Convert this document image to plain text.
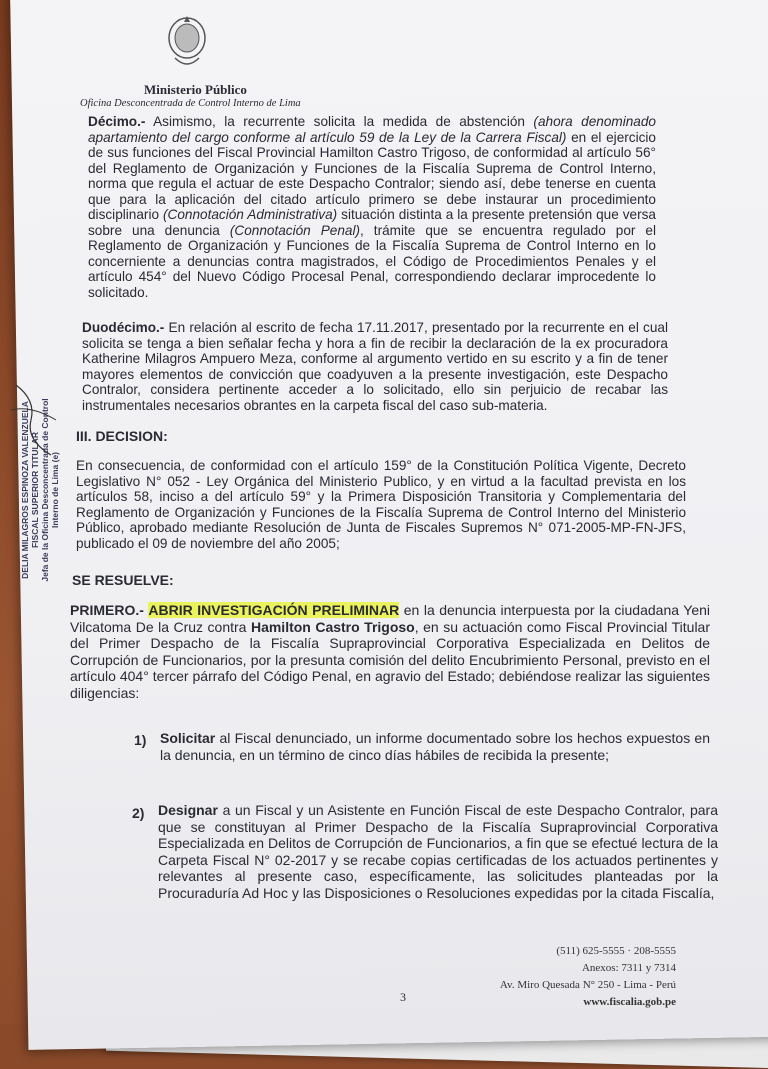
Ministerio Público
Oficina Desconcentrada de Control Interno de Lima
Décimo.- Asimismo, la recurrente solicita la medida de abstención (ahora denominado apartamiento del cargo conforme al artículo 59 de la Ley de la Carrera Fiscal) en el ejercicio de sus funciones del Fiscal Provincial Hamilton Castro Trigoso, de conformidad al artículo 56° del Reglamento de Organización y Funciones de la Fiscalía Suprema de Control Interno, norma que regula el actuar de este Despacho Contralor; siendo así, debe tenerse en cuenta que para la aplicación del citado artículo primero se debe instaurar un procedimiento disciplinario (Connotación Administrativa) situación distinta a la presente pretensión que versa sobre una denuncia (Connotación Penal), trámite que se encuentra regulado por el Reglamento de Organización y Funciones de la Fiscalía Suprema de Control Interno en lo concerniente a denuncias contra magistrados, el Código de Procedimientos Penales y el artículo 454° del Nuevo Código Procesal Penal, correspondiendo declarar improcedente lo solicitado.
Duodécimo.- En relación al escrito de fecha 17.11.2017, presentado por la recurrente en el cual solicita se tenga a bien señalar fecha y hora a fin de recibir la declaración de la ex procuradora Katherine Milagros Ampuero Meza, conforme al argumento vertido en su escrito y a fin de tener mayores elementos de convicción que coadyuven a la presente investigación, este Despacho Contralor, considera pertinente acceder a lo solicitado, ello sin perjuicio de recabar las instrumentales necesarios obrantes en la carpeta fiscal del caso sub-materia.
III. DECISION:
En consecuencia, de conformidad con el artículo 159° de la Constitución Política Vigente, Decreto Legislativo N° 052 - Ley Orgánica del Ministerio Publico, y en virtud a la facultad prevista en los artículos 58, inciso a del artículo 59° y la Primera Disposición Transitoria y Complementaria del Reglamento de Organización y Funciones de la Fiscalía Suprema de Control Interno del Ministerio Público, aprobado mediante Resolución de Junta de Fiscales Supremos N° 071-2005-MP-FN-JFS, publicado el 09 de noviembre del año 2005;
SE RESUELVE:
PRIMERO.- ABRIR INVESTIGACIÓN PRELIMINAR en la denuncia interpuesta por la ciudadana Yeni Vilcatoma De la Cruz contra Hamilton Castro Trigoso, en su actuación como Fiscal Provincial Titular del Primer Despacho de la Fiscalía Supraprovincial Corporativa Especializada en Delitos de Corrupción de Funcionarios, por la presunta comisión del delito Encubrimiento Personal, previsto en el artículo 404° tercer párrafo del Código Penal, en agravio del Estado; debiéndose realizar las siguientes diligencias:
1) Solicitar al Fiscal denunciado, un informe documentado sobre los hechos expuestos en la denuncia, en un término de cinco días hábiles de recibida la presente;
2) Designar a un Fiscal y un Asistente en Función Fiscal de este Despacho Contralor, para que se constituyan al Primer Despacho de la Fiscalía Supraprovincial Corporativa Especializada en Delitos de Corrupción de Funcionarios, a fin que se efectué lectura de la Carpeta Fiscal N° 02-2017 y se recabe copias certificadas de los actuados pertinentes y relevantes al presente caso, específicamente, las solicitudes planteadas por la Procuraduría Ad Hoc y las Disposiciones o Resoluciones expedidas por la citada Fiscalía,
DELIA MILAGROS ESPINOZA VALENZUELA FISCAL SUPERIOR TITULAR Jefa de la Oficina Desconcentrada de Control Interno de Lima (e)
(511) 625-5555 · 208-5555
Anexos: 7311 y 7314
Av. Miro Quesada N° 250 - Lima - Perú
www.fiscalia.gob.pe
3
